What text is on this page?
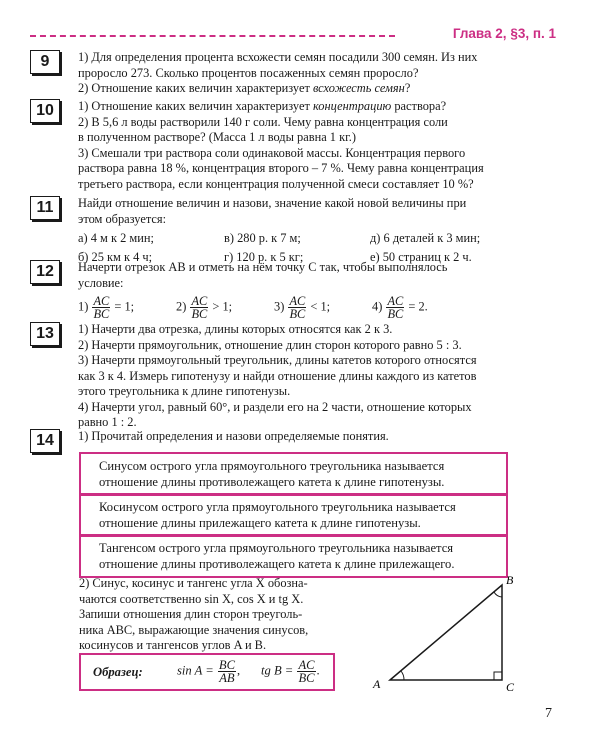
Глава 2, §3, п. 1
9	1) Для определения процента всхожести семян посадили 300 семян. Из них

проросло 273. Сколько процентов посаженных семян проросло?

2) Отношение каких величин характеризует всхожесть семян?

10	1) Отношение каких величин характеризует концентрацию раствора?

2) В 5,6 л воды растворили 140 г соли. Чему равна концентрация соли

в полученном растворе? (Масса 1 л воды равна 1 кг.)

3) Смешали три раствора соли одинаковой массы. Концентрация первого

раствора равна 18 %, концентрация второго – 7 %. Чему равна концентрация

третьего раствора, если концентрация полученной смеси составляет 10 %?

11	Найди отношение величин и назови, значение какой новой величины при

этом образуется:

а) 4 м к 2 мин;	в) 280 р. к 7 м;	д) 6 деталей к 3 мин;
б) 25 км к 4 ч;	г) 120 р. к 5 кг;	е) 50 страниц к 2 ч.
12	Начерти отрезок AB и отметь на нём точку C так, чтобы выполнялось

условие:

$1) \frac{AC}{BC} = 1$;	$2) \frac{AC}{BC} > 1$;	$3) \frac{AC}{BC} < 1$;	$4) \frac{AC}{BC} = 2$.
13	1) Начерти два отрезка, длины которых относятся как 2 к 3.

2) Начерти прямоугольник, отношение длин сторон которого равно 5 : 3.

3) Начерти прямоугольный треугольник, длины катетов которого относятся

как 3 к 4. Измерь гипотенузу и найди отношение длины каждого из катетов

этого треугольника к длине гипотенузы.

4) Начерти угол, равный 60°, и раздели его на 2 части, отношение которых

равно 1 : 2.

14	1) Прочитай определения и назови определяемые понятия.

Синусом острого угла прямоугольного треугольника называется
отношение длины противолежащего катета к длине гипотенузы.
Косинусом острого угла прямоугольного треугольника называется
отношение длины прилежащего катета к длине гипотенузы.
Тангенсом острого угла прямоугольного треугольника называется
отношение длины противолежащего катета к длине прилежащего.
2) Синус, косинус и тангенс угла X обозна-
чаются соответственно sin X, cos X и tg X.
Запиши отношения длин сторон треуголь-
ника ABC, выражающие значения синусов,
косинусов и тангенсов углов A и B.
Образец:	$\sin A = \frac{BC}{AB}$ , tg $B = \frac{AC}{BC}$ .
A
B
C
7
